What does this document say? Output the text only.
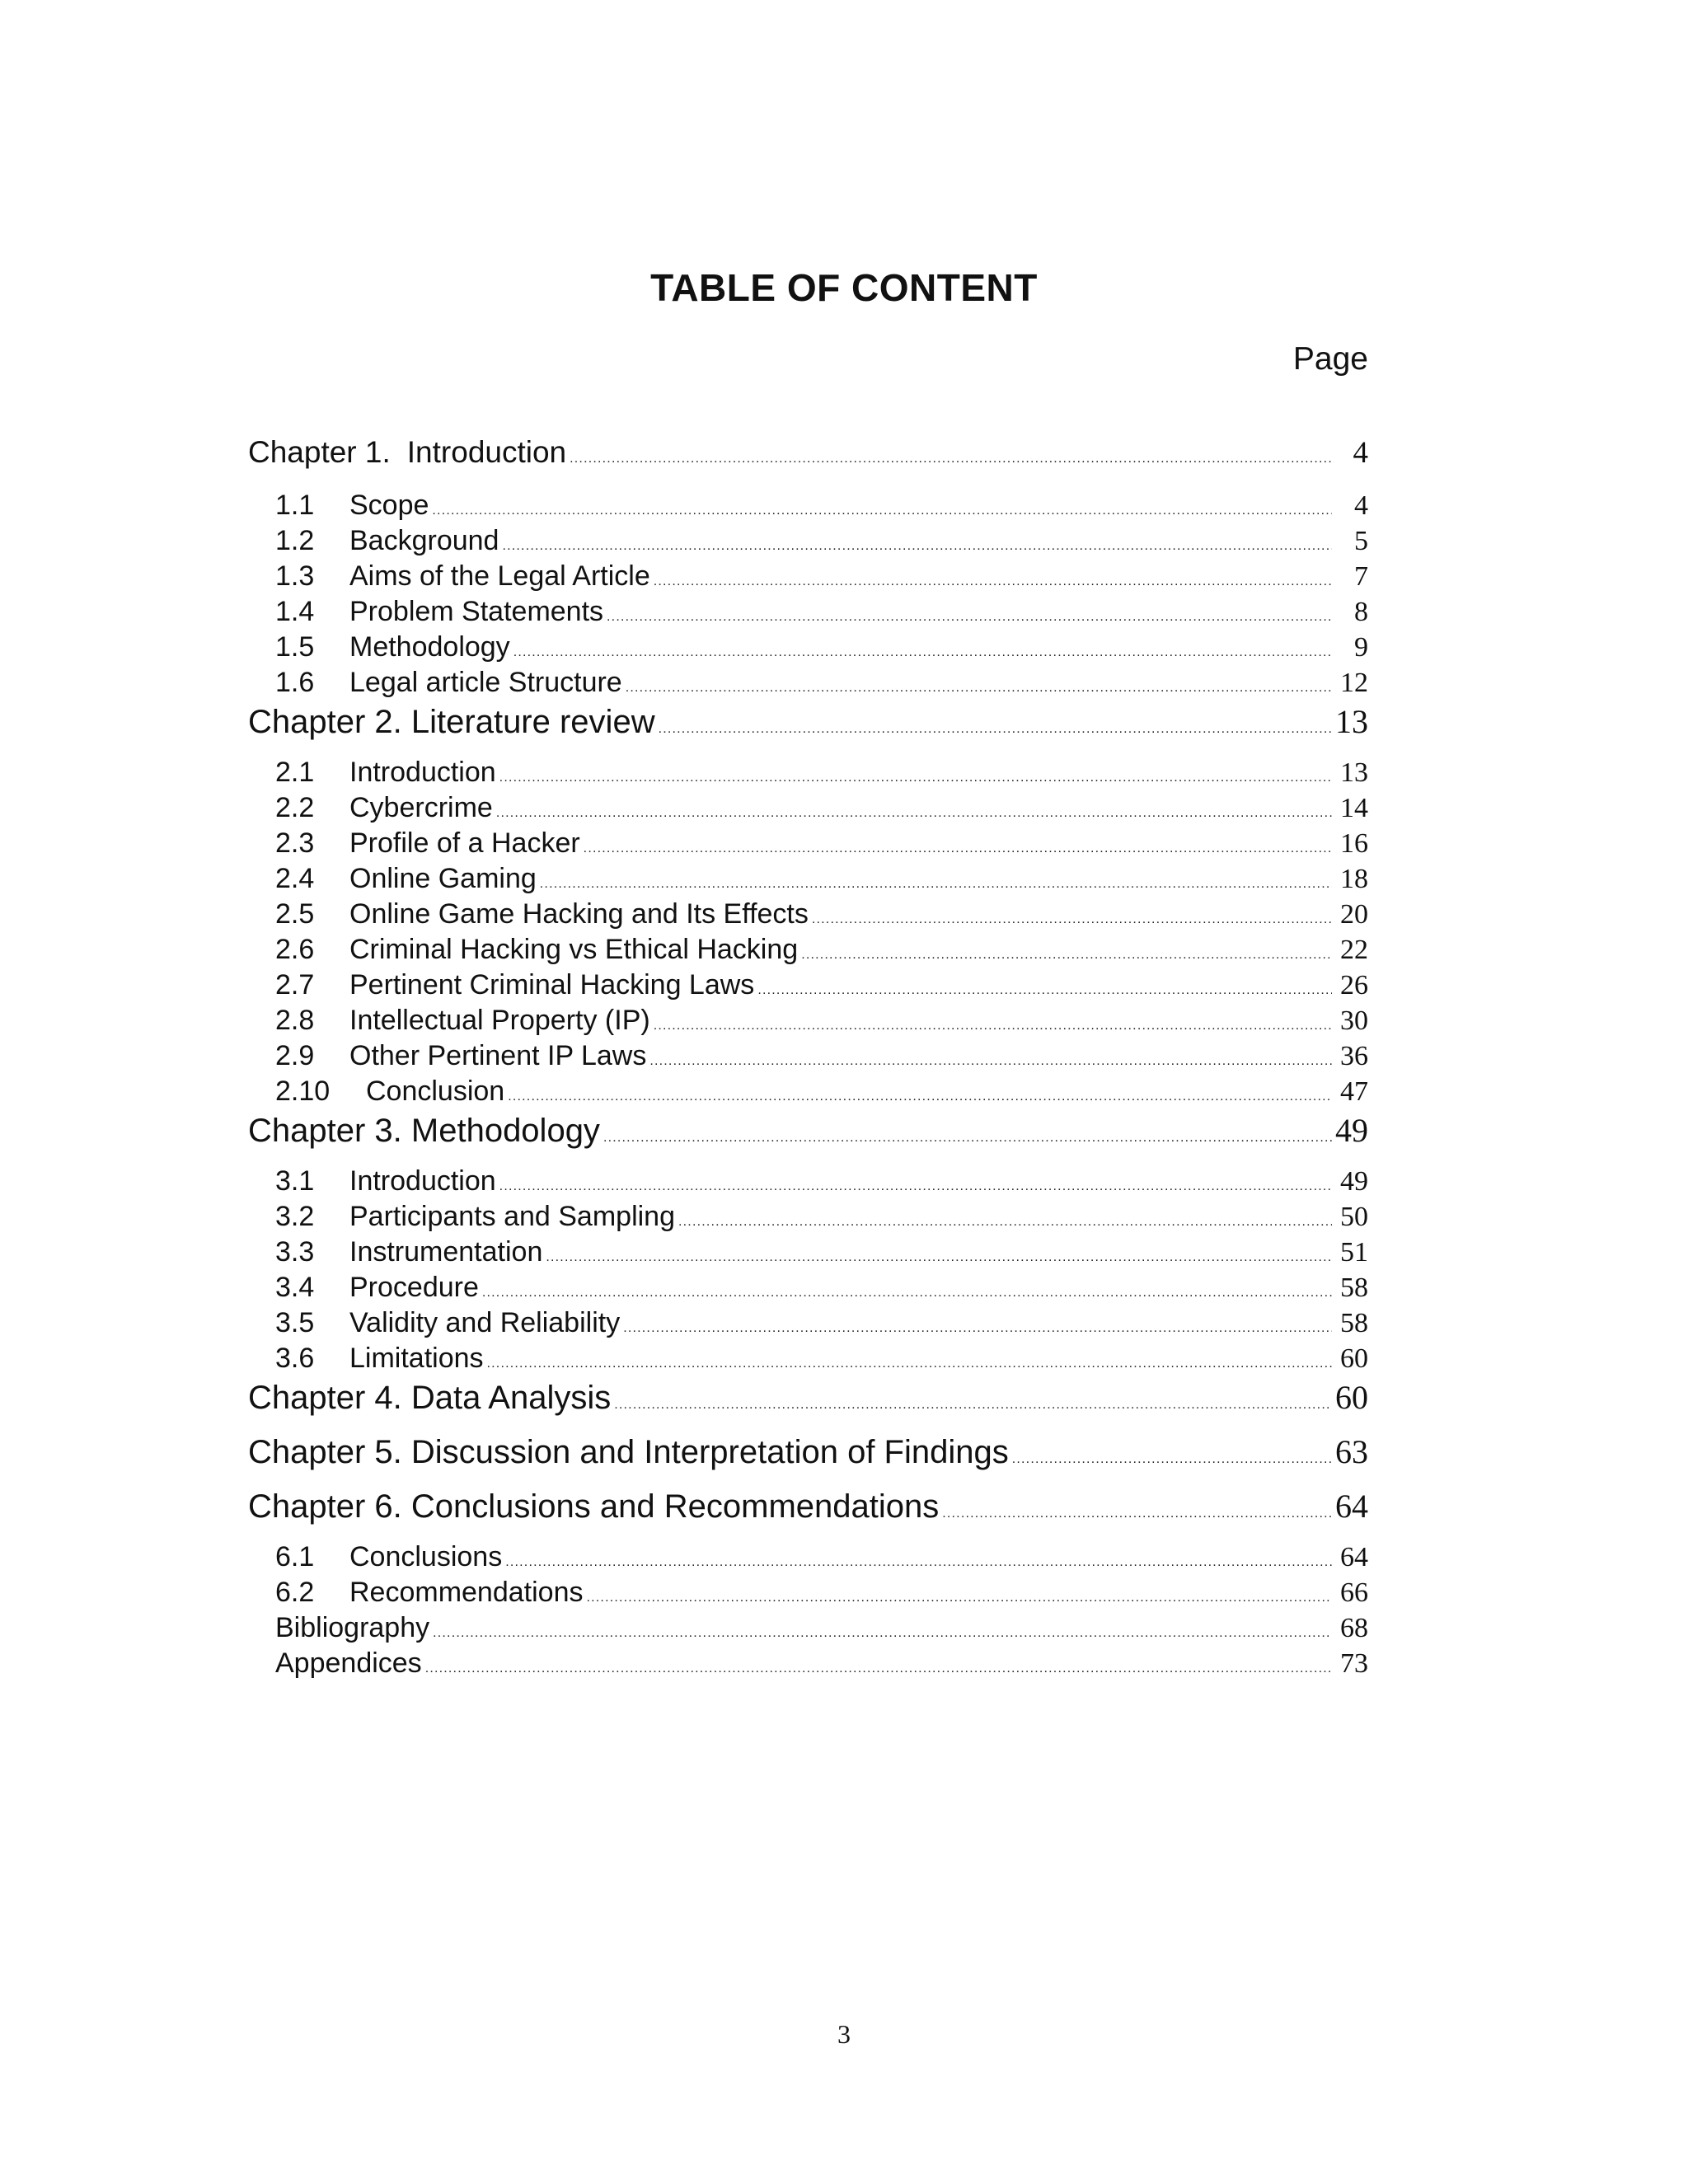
TABLE OF CONTENT
Page
Chapter 1. Introduction .....	4
1.1	Scope .....	4
1.2	Background .....	5
1.3	Aims of the Legal Article .....	7
1.4	Problem Statements .....	8
1.5	Methodology .....	9
1.6	Legal article Structure .....	12
Chapter 2. Literature review .....	13
2.1	Introduction .....	13
2.2	Cybercrime .....	14
2.3	Profile of a Hacker .....	16
2.4	Online Gaming .....	18
2.5	Online Game Hacking and Its Effects .....	20
2.6	Criminal Hacking vs Ethical Hacking .....	22
2.7	Pertinent Criminal Hacking Laws .....	26
2.8	Intellectual Property (IP) .....	30
2.9	Other Pertinent IP Laws .....	36
2.10	Conclusion .....	47
Chapter 3. Methodology .....	49
3.1	Introduction .....	49
3.2	Participants and Sampling .....	50
3.3	Instrumentation .....	51
3.4	Procedure .....	58
3.5	Validity and Reliability .....	58
3.6	Limitations .....	60
Chapter 4. Data Analysis .....	60
Chapter 5. Discussion and Interpretation of Findings .....	63
Chapter 6. Conclusions and Recommendations .....	64
6.1	Conclusions .....	64
6.2	Recommendations .....	66
Bibliography .....	68
Appendices .....	73
3
